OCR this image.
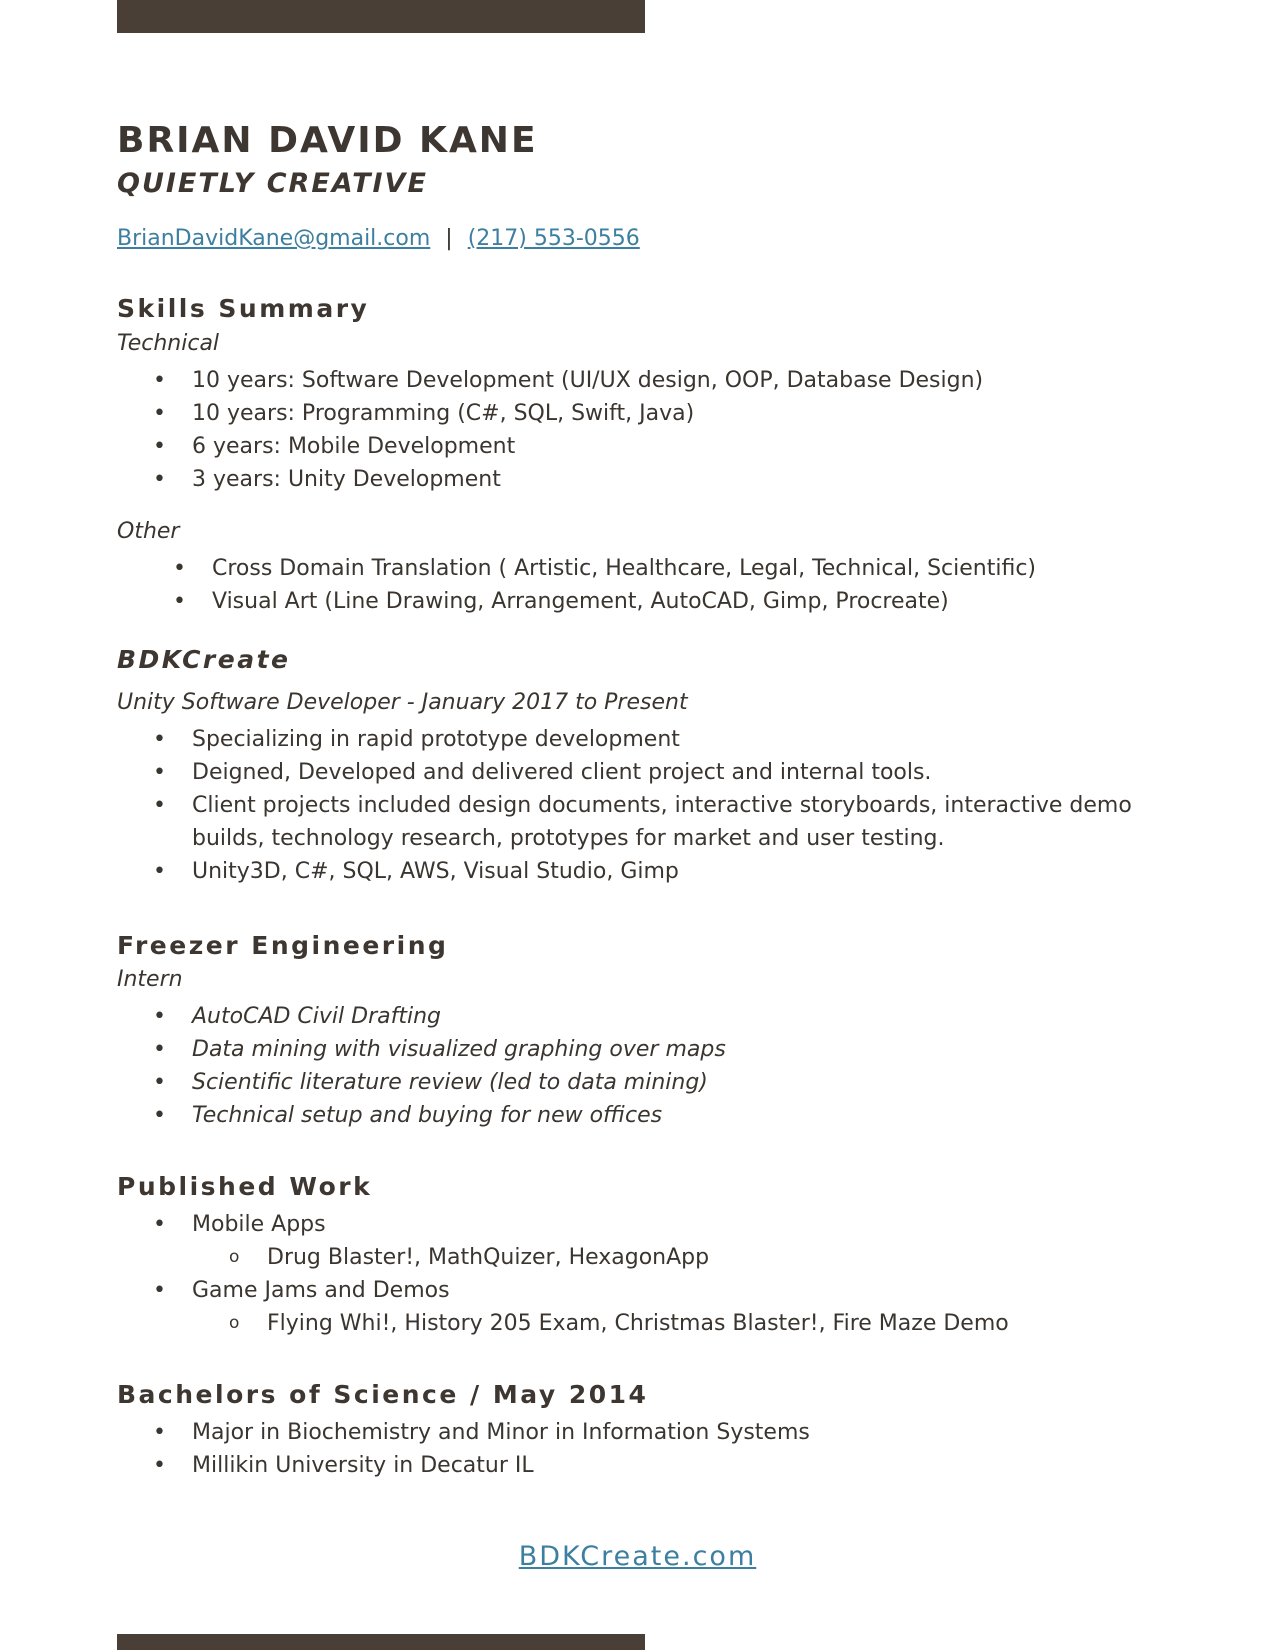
BRIAN DAVID KANE
QUIETLY CREATIVE
BrianDavidKane@gmail.com | (217) 553-0556
Skills Summary
Technical
• 10 years: Software Development (UI/UX design, OOP, Database Design)
• 10 years: Programming (C#, SQL, Swift, Java)
• 6 years: Mobile Development
• 3 years: Unity Development
Other
• Cross Domain Translation ( Artistic, Healthcare, Legal, Technical, Scientific)
• Visual Art (Line Drawing, Arrangement, AutoCAD, Gimp, Procreate)
BDKCreate
Unity Software Developer - January 2017 to Present
• Specializing in rapid prototype development
• Deigned, Developed and delivered client project and internal tools.
• Client projects included design documents, interactive storyboards, interactive demo builds, technology research, prototypes for market and user testing.
• Unity3D, C#, SQL, AWS, Visual Studio, Gimp
Freezer Engineering
Intern
• AutoCAD Civil Drafting
• Data mining with visualized graphing over maps
• Scientific literature review (led to data mining)
• Technical setup and buying for new offices
Published Work
• Mobile Apps
o Drug Blaster!, MathQuizer, HexagonApp
• Game Jams and Demos
o Flying Whi!, History 205 Exam, Christmas Blaster!, Fire Maze Demo
Bachelors of Science / May 2014
• Major in Biochemistry and Minor in Information Systems
• Millikin University in Decatur IL
BDKCreate.com
